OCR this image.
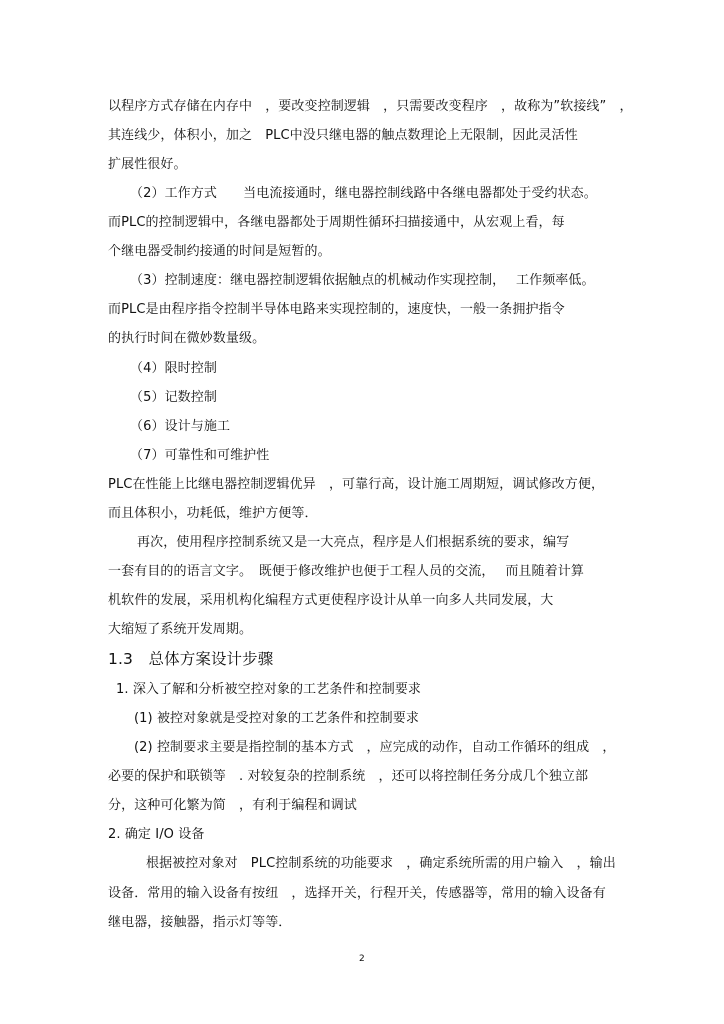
以程序方式存储在内存中　，要改变控制逻辑　，只需要改变程序　，故称为”软接线”　，
其连线少，体积小，加之　PLC中没只继电器的触点数理论上无限制，因此灵活性
扩展性很好。
（2）工作方式　　当电流接通时，继电器控制线路中各继电器都处于受约状态。
而PLC的控制逻辑中，各继电器都处于周期性循环扫描接通中，从宏观上看，每
个继电器受制约接通的时间是短暂的。
（3）控制速度：继电器控制逻辑依据触点的机械动作实现控制，　 工作频率低。
而PLC是由程序指令控制半导体电路来实现控制的，速度快，一般一条拥护指令
的执行时间在微妙数量级。
（4）限时控制
（5）记数控制
（6）设计与施工
（7）可靠性和可维护性
PLC在性能上比继电器控制逻辑优异　，可靠行高，设计施工周期短，调试修改方便，
而且体积小，功耗低，维护方便等．
再次，使用程序控制系统又是一大亮点，程序是人们根据系统的要求，编写
一套有目的的语言文字。　既便于修改维护也便于工程人员的交流，　 而且随着计算
机软件的发展，采用机构化编程方式更使程序设计从单一向多人共同发展，大
大缩短了系统开发周期。
1.3　总体方案设计步骤
1. 深入了解和分析被空控对象的工艺条件和控制要求
(1) 被控对象就是受控对象的工艺条件和控制要求
(2) 控制要求主要是指控制的基本方式　，应完成的动作，自动工作循环的组成　，
必要的保护和联锁等　. 对较复杂的控制系统　，还可以将控制任务分成几个独立部
分，这种可化繁为简　，有利于编程和调试
2. 确定 I/O 设备
根据被控对象对　PLC控制系统的功能要求　，确定系统所需的用户输入　，输出
设备．常用的输入设备有按纽　，选择开关，行程开关，传感器等，常用的输入设备有
继电器，接触器，指示灯等等．
2
